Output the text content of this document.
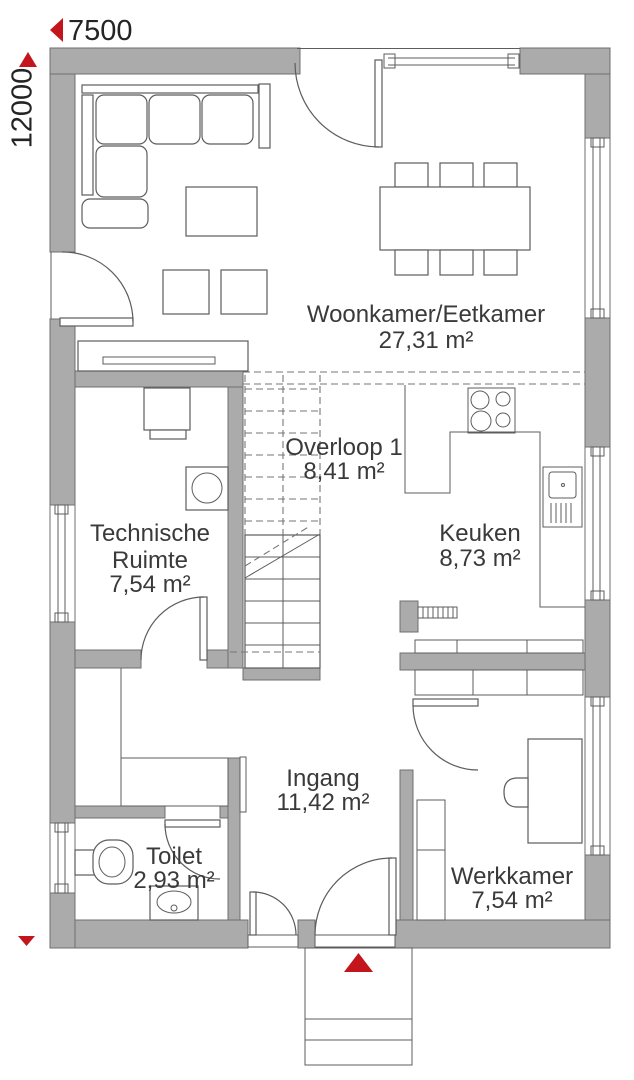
7500
12000
Woonkamer/Eetkamer
27,31 m²
Overloop 1
8,41 m²
Technische
Ruimte
7,54 m²
Keuken
8,73 m²
Ingang
11,42 m²
Toilet
2,93 m²	Werkkamer
7,54 m²
